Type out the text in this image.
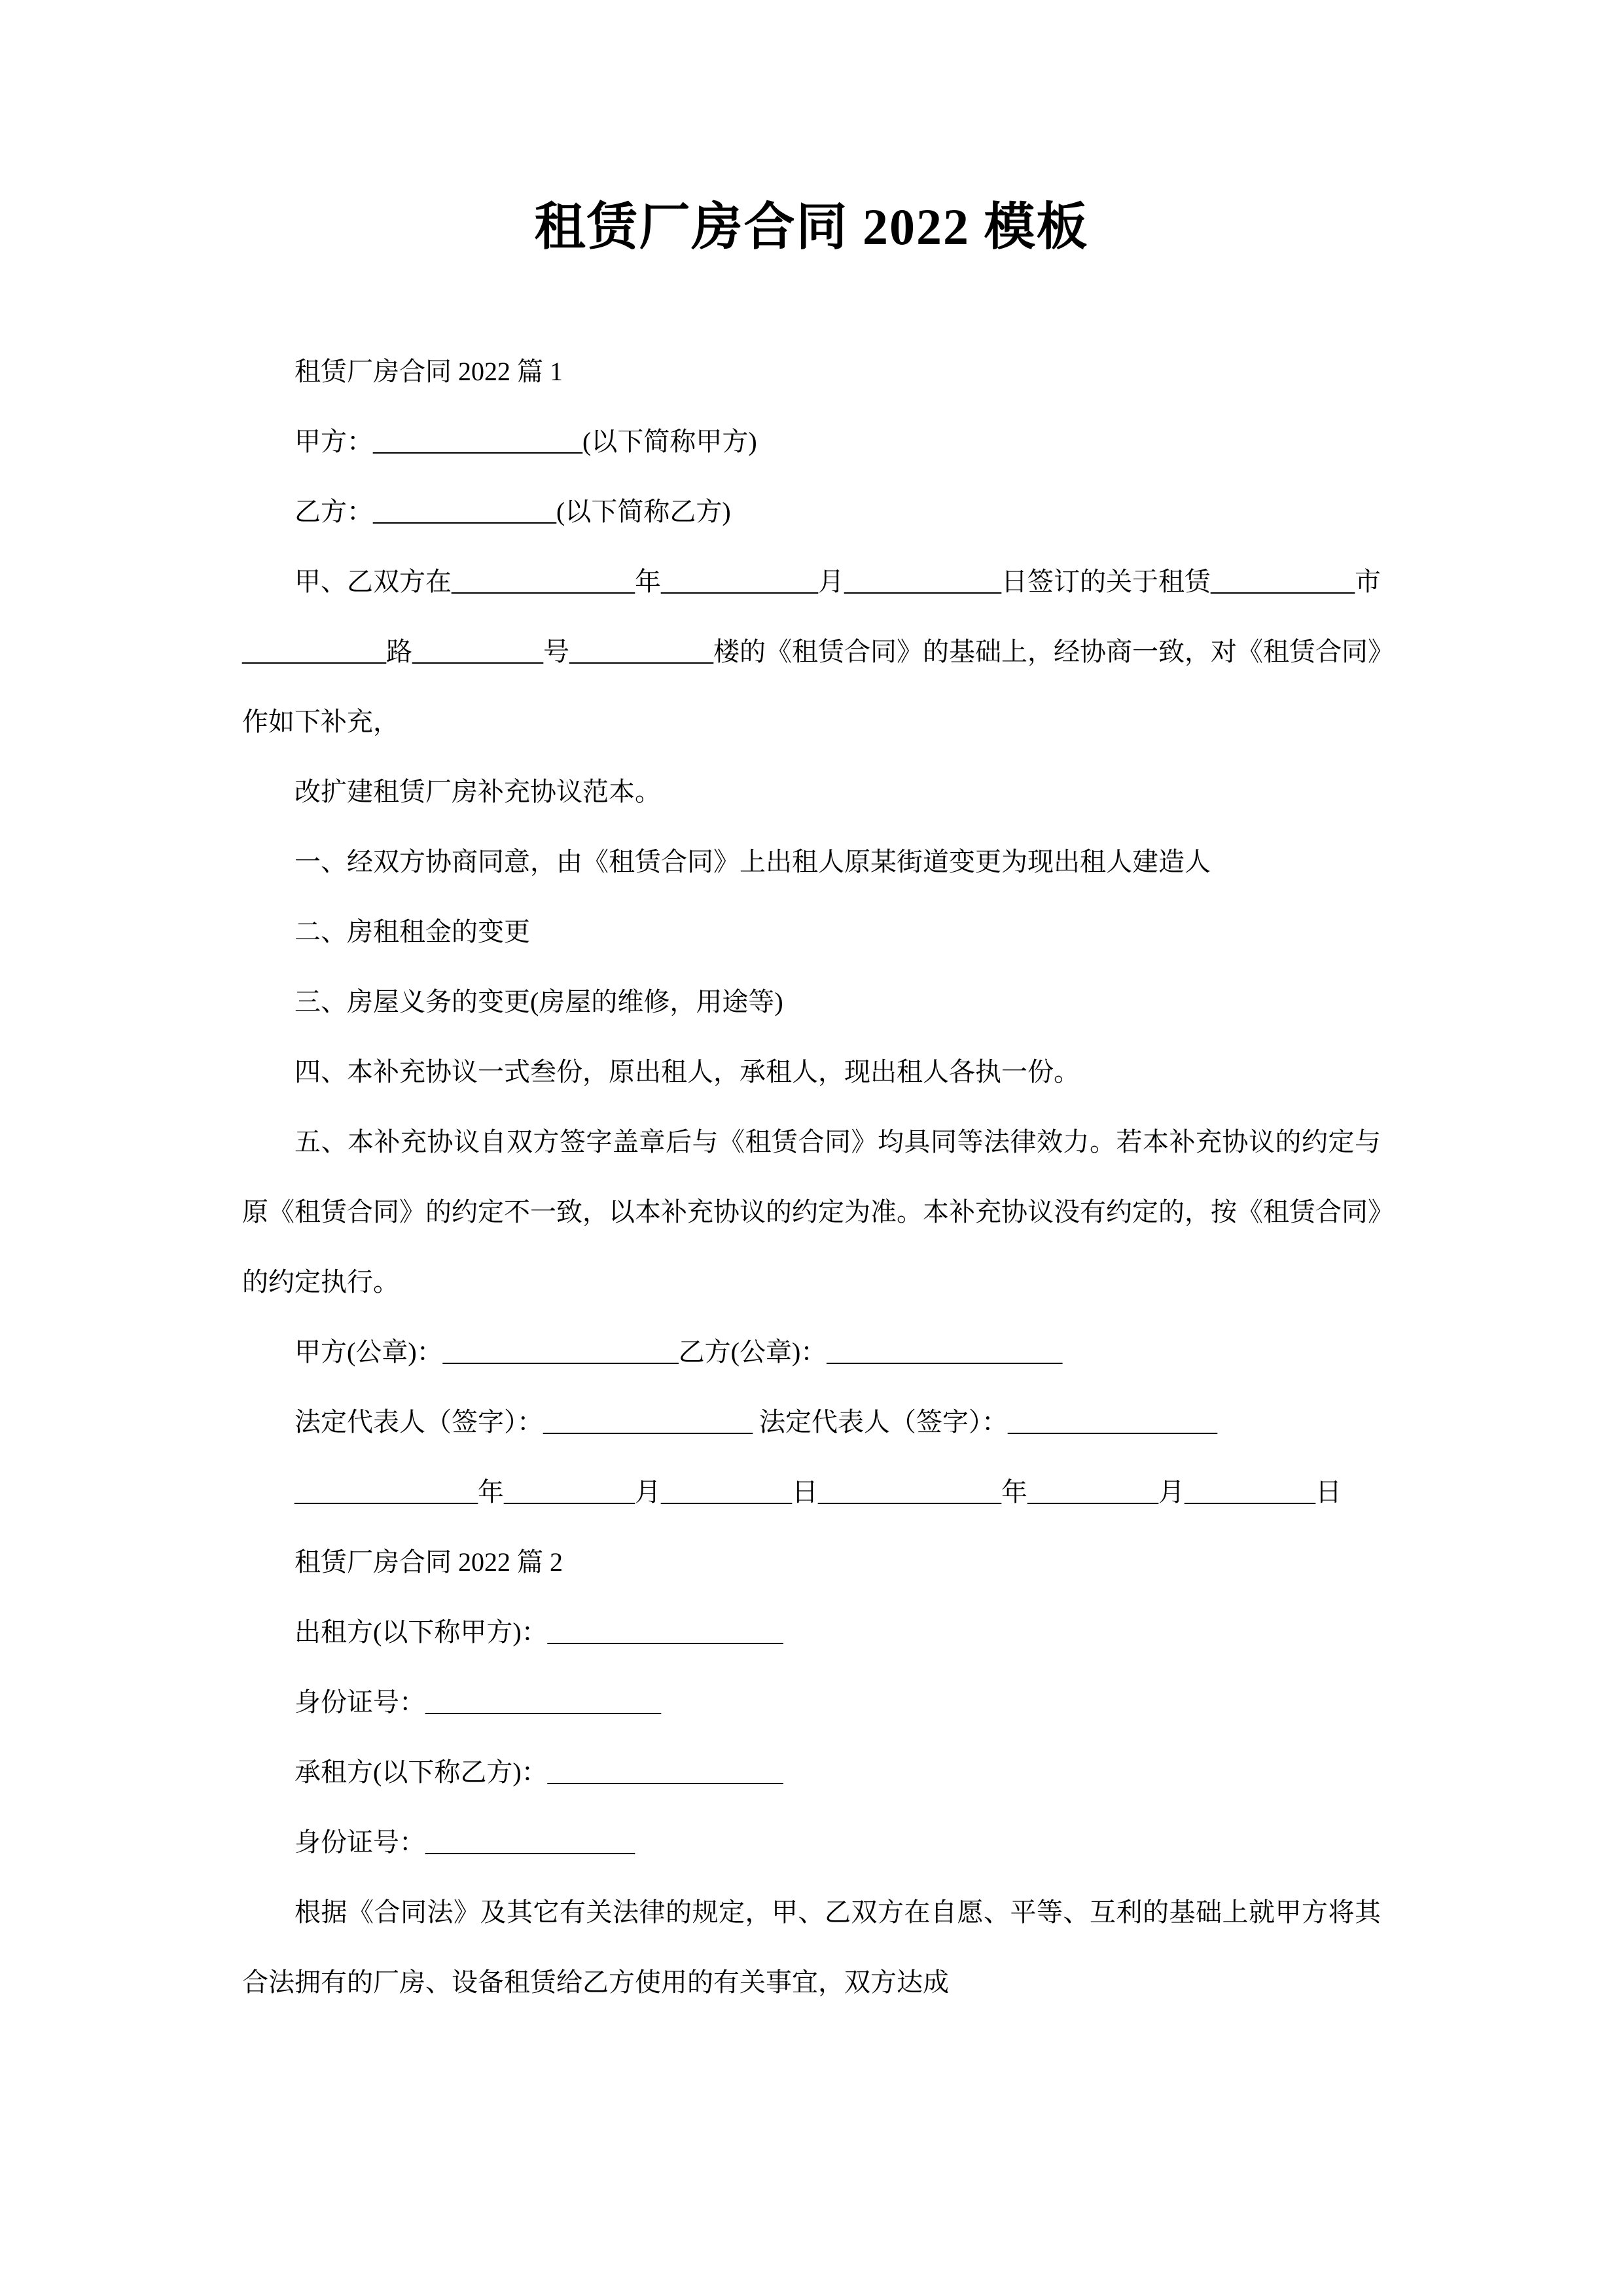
租赁厂房合同 2022 模板

租赁厂房合同 2022 篇 1

甲方：________________(以下简称甲方)

乙方：______________(以下简称乙方)

甲、乙双方在______________年____________月____________日签订的关于租赁___________市___________路__________号___________楼的《租赁合同》的基础上，经协商一致，对《租赁合同》作如下补充，

改扩建租赁厂房补充协议范本。

一、经双方协商同意，由《租赁合同》上出租人原某街道变更为现出租人建造人

二、房租租金的变更

三、房屋义务的变更(房屋的维修，用途等)

四、本补充协议一式叁份，原出租人，承租人，现出租人各执一份。

五、本补充协议自双方签字盖章后与《租赁合同》均具同等法律效力。若本补充协议的约定与原《租赁合同》的约定不一致，以本补充协议的约定为准。本补充协议没有约定的，按《租赁合同》的约定执行。

甲方(公章)：__________________乙方(公章)：__________________

法定代表人（签字）：________________ 法定代表人（签字）：________________

______________年__________月__________日______________年__________月__________日

租赁厂房合同 2022 篇 2

出租方(以下称甲方)：__________________

身份证号：__________________

承租方(以下称乙方)：__________________

身份证号：________________

根据《合同法》及其它有关法律的规定，甲、乙双方在自愿、平等、互利的基础上就甲方将其合法拥有的厂房、设备租赁给乙方使用的有关事宜，双方达成
